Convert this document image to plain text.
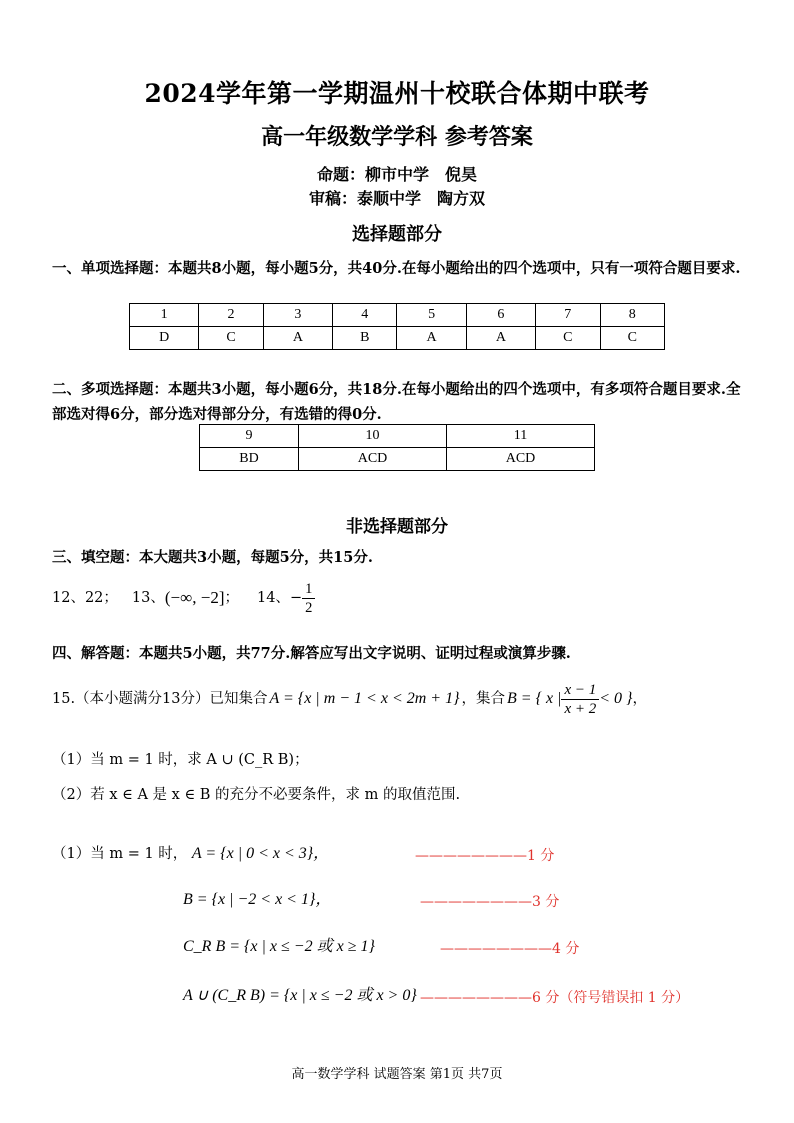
2024学年第一学期温州十校联合体期中联考
高一年级数学学科 参考答案
命题：柳市中学　倪昊
审稿：泰顺中学　陶方双
选择题部分
一、单项选择题：本题共8小题，每小题5分，共40分.在每小题给出的四个选项中，只有一项符合题目要求.
1	2	3	4	5	6	7	8
D	C	A	B	A	A	C	C
二、多项选择题：本题共3小题，每小题6分，共18分.在每小题给出的四个选项中，有多项符合题目要求.全部选对得6分，部分选对得部分分，有选错的得0分.
9	10	11
BD	ACD	ACD
非选择题部分
三、填空题：本大题共3小题，每题5分，共15分.
12、 22； 13、 (−∞, −2] ； 14、 − $\frac{1}{2}$
四、解答题：本题共5小题，共77分.解答应写出文字说明、证明过程或演算步骤.
15.（本小题满分13分）已知集合 A = {x | m − 1 < x < 2m + 1} ，集合 B = { x | $\frac{x - 1}{x + 2} < 0$ } ，
（1）当 m = 1 时，求 A ∪ (C_R B)；
（2）若 x ∈ A 是 x ∈ B 的充分不必要条件，求 m 的取值范围.
（1）当 m = 1 时， A = {x | 0 < x < 3}，	————————1 分
B = {x | −2 < x < 1}，	————————3 分
C_R B = {x | x ≤ −2 或 x ≥ 1}	————————4 分
A ∪ (C_R B) = {x | x ≤ −2 或 x > 0} ————————6 分（符号错误扣 1 分）
高一数学学科 试题答案 第1页 共7页
